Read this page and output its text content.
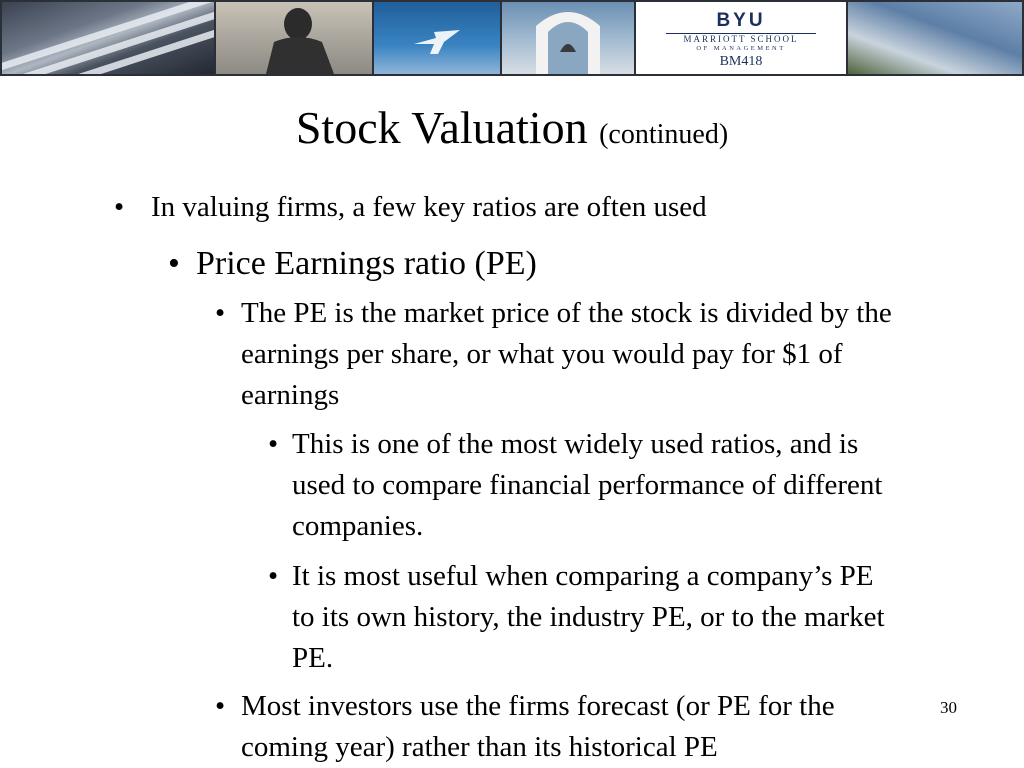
BYU
MARRIOTT SCHOOL
OF MANAGEMENT
BM418
Stock Valuation (continued)
• In valuing firms, a few key ratios are often used
• Price Earnings ratio (PE)
• The PE is the market price of the stock is divided by the earnings per share, or what you would pay for $1 of earnings
• This is one of the most widely used ratios, and is used to compare financial performance of different companies.
• It is most useful when comparing a company’s PE to its own history, the industry PE, or to the market PE.
• Most investors use the firms forecast (or PE for the coming year) rather than its historical PE
30
